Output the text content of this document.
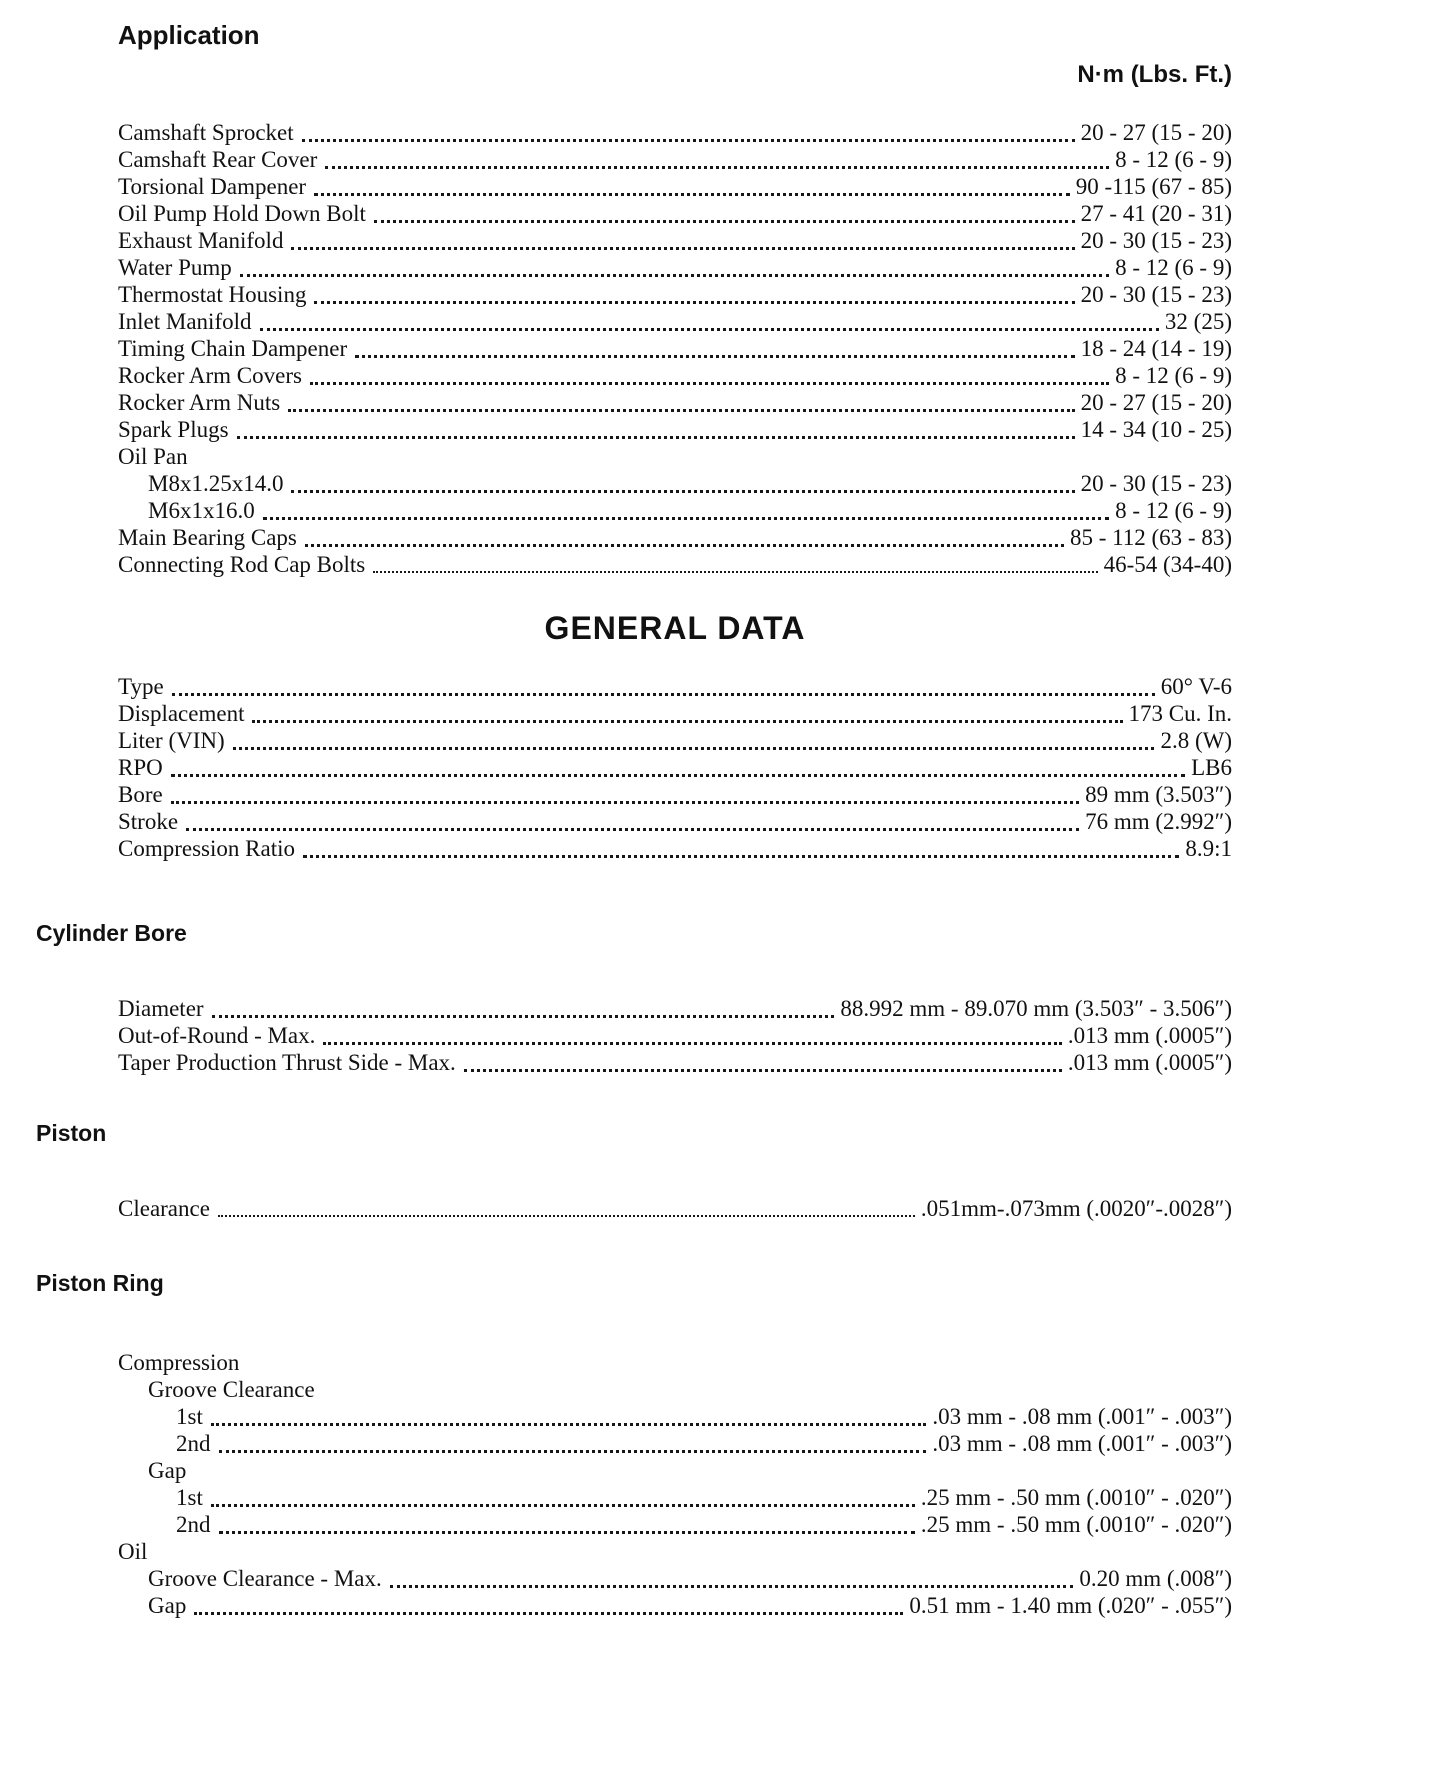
Application
N·m (Lbs. Ft.)
Camshaft Sprocket	20 - 27 (15 - 20)
Camshaft Rear Cover	8 - 12 (6 - 9)
Torsional Dampener	90 -115 (67 - 85)
Oil Pump Hold Down Bolt	27 - 41 (20 - 31)
Exhaust Manifold	20 - 30 (15 - 23)
Water Pump	8 - 12 (6 - 9)
Thermostat Housing	20 - 30 (15 - 23)
Inlet Manifold	32 (25)
Timing Chain Dampener	18 - 24 (14 - 19)
Rocker Arm Covers	8 - 12 (6 - 9)
Rocker Arm Nuts	20 - 27 (15 - 20)
Spark Plugs	14 - 34 (10 - 25)
Oil Pan
M8x1.25x14.0	20 - 30 (15 - 23)
M6x1x16.0	8 - 12 (6 - 9)
Main Bearing Caps	85 - 112 (63 - 83)
Connecting Rod Cap Bolts	46-54 (34-40)
GENERAL DATA
Type	60° V-6
Displacement	173 Cu. In.
Liter (VIN)	2.8 (W)
RPO	LB6
Bore	89 mm (3.503″)
Stroke	76 mm (2.992″)
Compression Ratio	8.9:1
Cylinder Bore
Diameter	88.992 mm - 89.070 mm (3.503″ - 3.506″)
Out-of-Round - Max.	.013 mm (.0005″)
Taper Production Thrust Side - Max.	.013 mm (.0005″)
Piston
Clearance	.051mm-.073mm (.0020″-.0028″)
Piston Ring
Compression
Groove Clearance
1st	.03 mm - .08 mm (.001″ - .003″)
2nd	.03 mm - .08 mm (.001″ - .003″)
Gap
1st	.25 mm - .50 mm (.0010″ - .020″)
2nd	.25 mm - .50 mm (.0010″ - .020″)
Oil
Groove Clearance - Max.	0.20 mm (.008″)
Gap	0.51 mm - 1.40 mm (.020″ - .055″)
